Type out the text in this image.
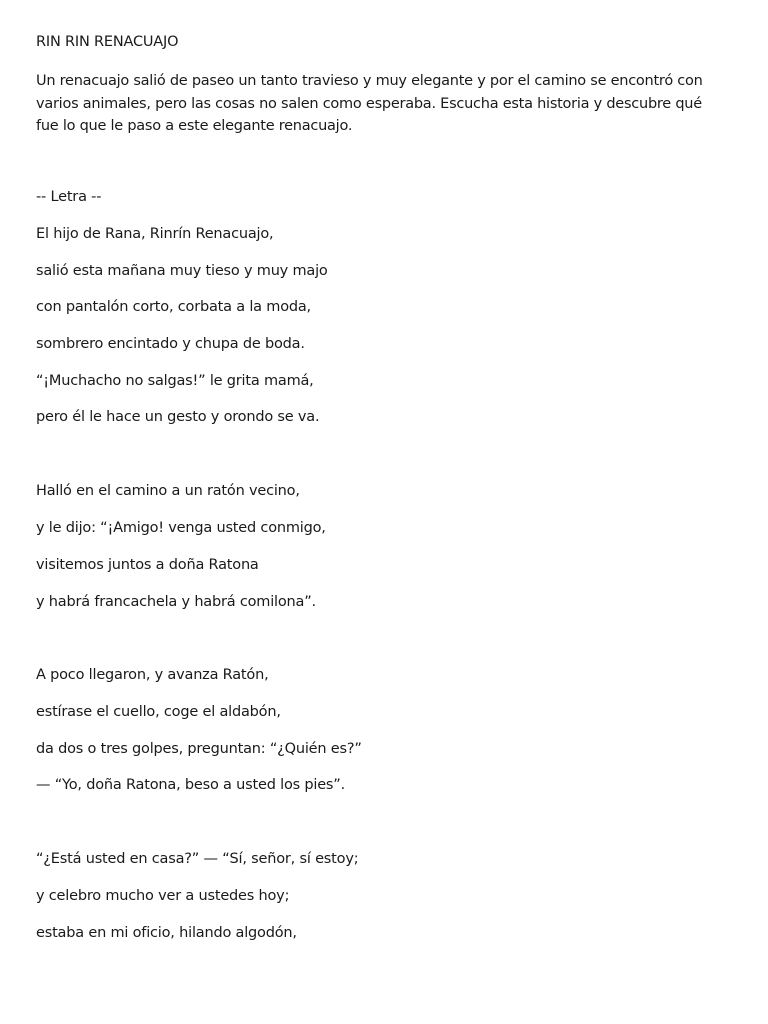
RIN RIN RENACUAJO
Un renacuajo salió de paseo un tanto travieso y muy elegante y por el camino se encontró con varios animales, pero las cosas no salen como esperaba. Escucha esta historia y descubre qué fue lo que le paso a este elegante renacuajo.
-- Letra --
El hijo de Rana, Rinrín Renacuajo,
salió esta mañana muy tieso y muy majo
con pantalón corto, corbata a la moda,
sombrero encintado y chupa de boda.
“¡Muchacho no salgas!” le grita mamá,
pero él le hace un gesto y orondo se va.
Halló en el camino a un ratón vecino,
y le dijo: “¡Amigo! venga usted conmigo,
visitemos juntos a doña Ratona
y habrá francachela y habrá comilona”.
A poco llegaron, y avanza Ratón,
estírase el cuello, coge el aldabón,
da dos o tres golpes, preguntan: “¿Quién es?”
— “Yo, doña Ratona, beso a usted los pies”.
“¿Está usted en casa?” — “Sí, señor, sí estoy;
y celebro mucho ver a ustedes hoy;
estaba en mi oficio, hilando algodón,
